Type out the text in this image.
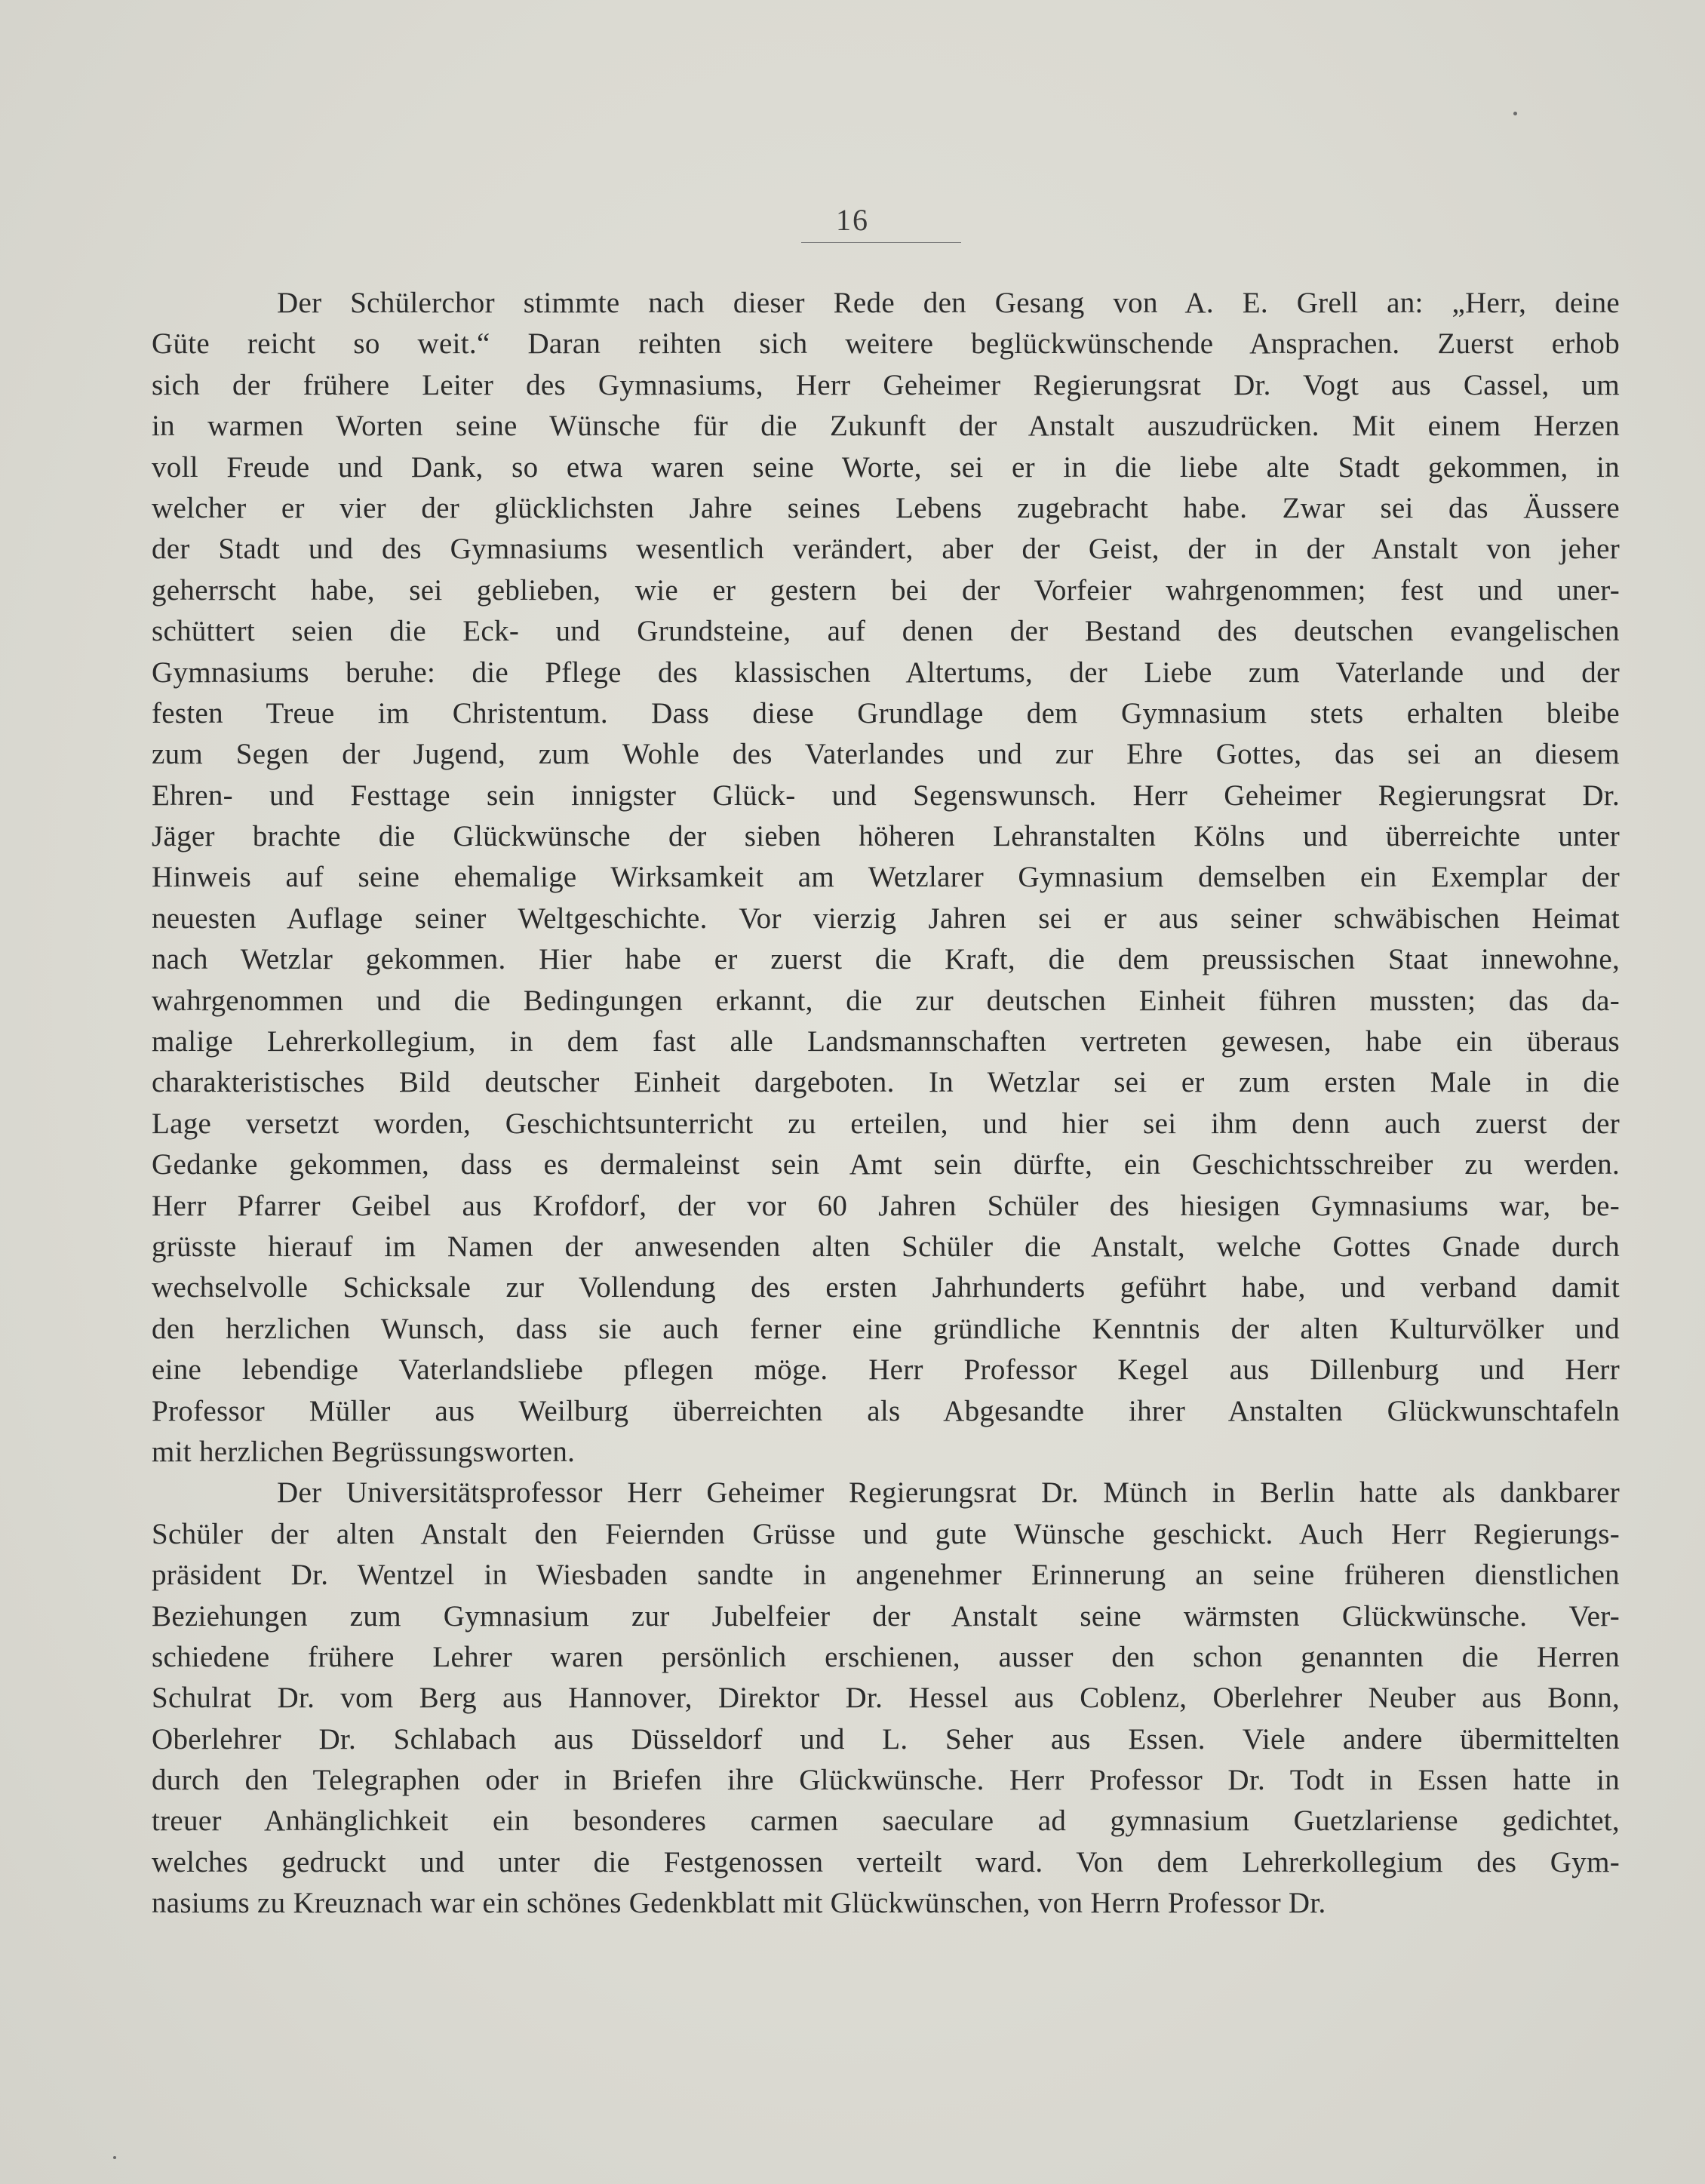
16
Der Schülerchor stimmte nach dieser Rede den Gesang von A. E. Grell an: „Herr, deine
Güte reicht so weit.“ Daran reihten sich weitere beglückwünschende Ansprachen. Zuerst erhob
sich der frühere Leiter des Gymnasiums, Herr Geheimer Regierungsrat Dr. Vogt aus Cassel, um
in warmen Worten seine Wünsche für die Zukunft der Anstalt auszudrücken. Mit einem Herzen
voll Freude und Dank, so etwa waren seine Worte, sei er in die liebe alte Stadt gekommen, in
welcher er vier der glücklichsten Jahre seines Lebens zugebracht habe. Zwar sei das Äussere
der Stadt und des Gymnasiums wesentlich verändert, aber der Geist, der in der Anstalt von jeher
geherrscht habe, sei geblieben, wie er gestern bei der Vorfeier wahrgenommen; fest und uner-
schüttert seien die Eck- und Grundsteine, auf denen der Bestand des deutschen evangelischen
Gymnasiums beruhe: die Pflege des klassischen Altertums, der Liebe zum Vaterlande und der
festen Treue im Christentum. Dass diese Grundlage dem Gymnasium stets erhalten bleibe
zum Segen der Jugend, zum Wohle des Vaterlandes und zur Ehre Gottes, das sei an diesem
Ehren- und Festtage sein innigster Glück- und Segenswunsch. Herr Geheimer Regierungsrat Dr.
Jäger brachte die Glückwünsche der sieben höheren Lehranstalten Kölns und überreichte unter
Hinweis auf seine ehemalige Wirksamkeit am Wetzlarer Gymnasium demselben ein Exemplar der
neuesten Auflage seiner Weltgeschichte. Vor vierzig Jahren sei er aus seiner schwäbischen Heimat
nach Wetzlar gekommen. Hier habe er zuerst die Kraft, die dem preussischen Staat innewohne,
wahrgenommen und die Bedingungen erkannt, die zur deutschen Einheit führen mussten; das da-
malige Lehrerkollegium, in dem fast alle Landsmannschaften vertreten gewesen, habe ein überaus
charakteristisches Bild deutscher Einheit dargeboten. In Wetzlar sei er zum ersten Male in die
Lage versetzt worden, Geschichtsunterricht zu erteilen, und hier sei ihm denn auch zuerst der
Gedanke gekommen, dass es dermaleinst sein Amt sein dürfte, ein Geschichtsschreiber zu werden.
Herr Pfarrer Geibel aus Krofdorf, der vor 60 Jahren Schüler des hiesigen Gymnasiums war, be-
grüsste hierauf im Namen der anwesenden alten Schüler die Anstalt, welche Gottes Gnade durch
wechselvolle Schicksale zur Vollendung des ersten Jahrhunderts geführt habe, und verband damit
den herzlichen Wunsch, dass sie auch ferner eine gründliche Kenntnis der alten Kulturvölker und
eine lebendige Vaterlandsliebe pflegen möge. Herr Professor Kegel aus Dillenburg und Herr
Professor Müller aus Weilburg überreichten als Abgesandte ihrer Anstalten Glückwunschtafeln
mit herzlichen Begrüssungsworten.
Der Universitätsprofessor Herr Geheimer Regierungsrat Dr. Münch in Berlin hatte als dankbarer
Schüler der alten Anstalt den Feiernden Grüsse und gute Wünsche geschickt. Auch Herr Regierungs-
präsident Dr. Wentzel in Wiesbaden sandte in angenehmer Erinnerung an seine früheren dienstlichen
Beziehungen zum Gymnasium zur Jubelfeier der Anstalt seine wärmsten Glückwünsche. Ver-
schiedene frühere Lehrer waren persönlich erschienen, ausser den schon genannten die Herren
Schulrat Dr. vom Berg aus Hannover, Direktor Dr. Hessel aus Coblenz, Oberlehrer Neuber aus Bonn,
Oberlehrer Dr. Schlabach aus Düsseldorf und L. Seher aus Essen. Viele andere übermittelten
durch den Telegraphen oder in Briefen ihre Glückwünsche. Herr Professor Dr. Todt in Essen hatte in
treuer Anhänglichkeit ein besonderes carmen saeculare ad gymnasium Guetzlariense gedichtet,
welches gedruckt und unter die Festgenossen verteilt ward. Von dem Lehrerkollegium des Gym-
nasiums zu Kreuznach war ein schönes Gedenkblatt mit Glückwünschen, von Herrn Professor Dr.
